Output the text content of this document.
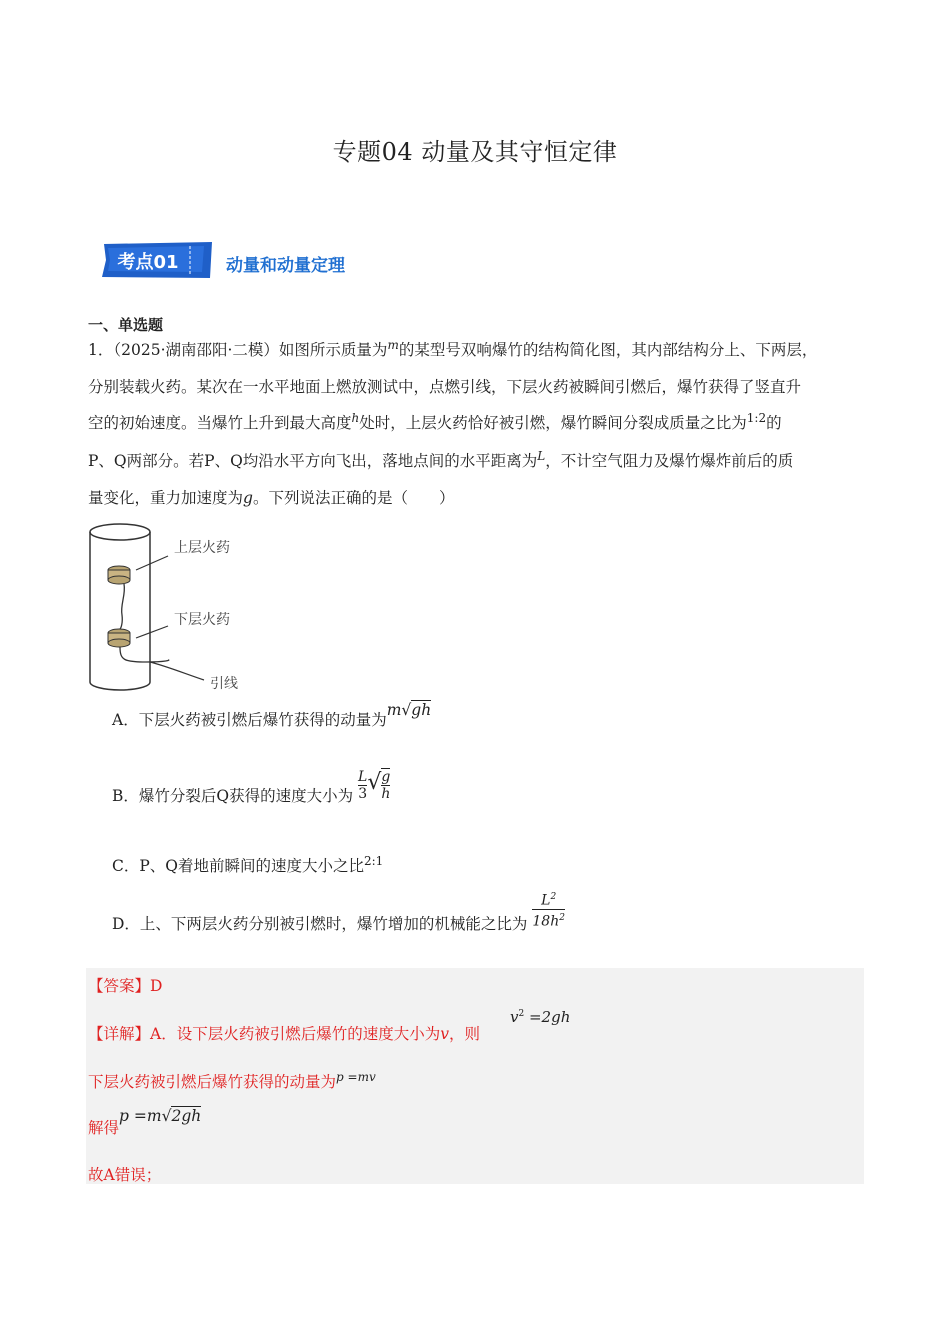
专题04 动量及其守恒定律
考点01	动量和动量定理
一、单选题
1．（2025·湖南邵阳·二模）如图所示质量为$^m$的某型号双响爆竹的结构简化图，其内部结构分上、下两层，
分别装载火药。某次在一水平地面上燃放测试中，点燃引线，下层火药被瞬间引燃后，爆竹获得了竖直升
空的初始速度。当爆竹上升到最大高度$^h$处时，上层火药恰好被引燃，爆竹瞬间分裂成质量之比为$^{1:2}$的
P、Q两部分。若P、Q均沿水平方向飞出，落地点间的水平距离为$^L$，不计空气阻力及爆竹爆炸前后的质
量变化，重力加速度为g。下列说法正确的是（　　）
上层火药
下层火药
引线
A．下层火药被引燃后爆竹获得的动量为m√gh
B．爆竹分裂后Q获得的速度大小为 $\frac{L}{3}$ √ $\frac{g}{h}$
C．P、Q着地前瞬间的速度大小之比$^{2:1}$
D．上、下两层火药分别被引燃时，爆竹增加的机械能之比为 $\frac{L^2}{18h^2}$
【答案】D
【详解】A．设下层火药被引燃后爆竹的速度大小为v，则
$v^2 =2gh$
下层火药被引燃后爆竹获得的动量为$^{p =mv}$
解得p =m√2gh
故A错误；
